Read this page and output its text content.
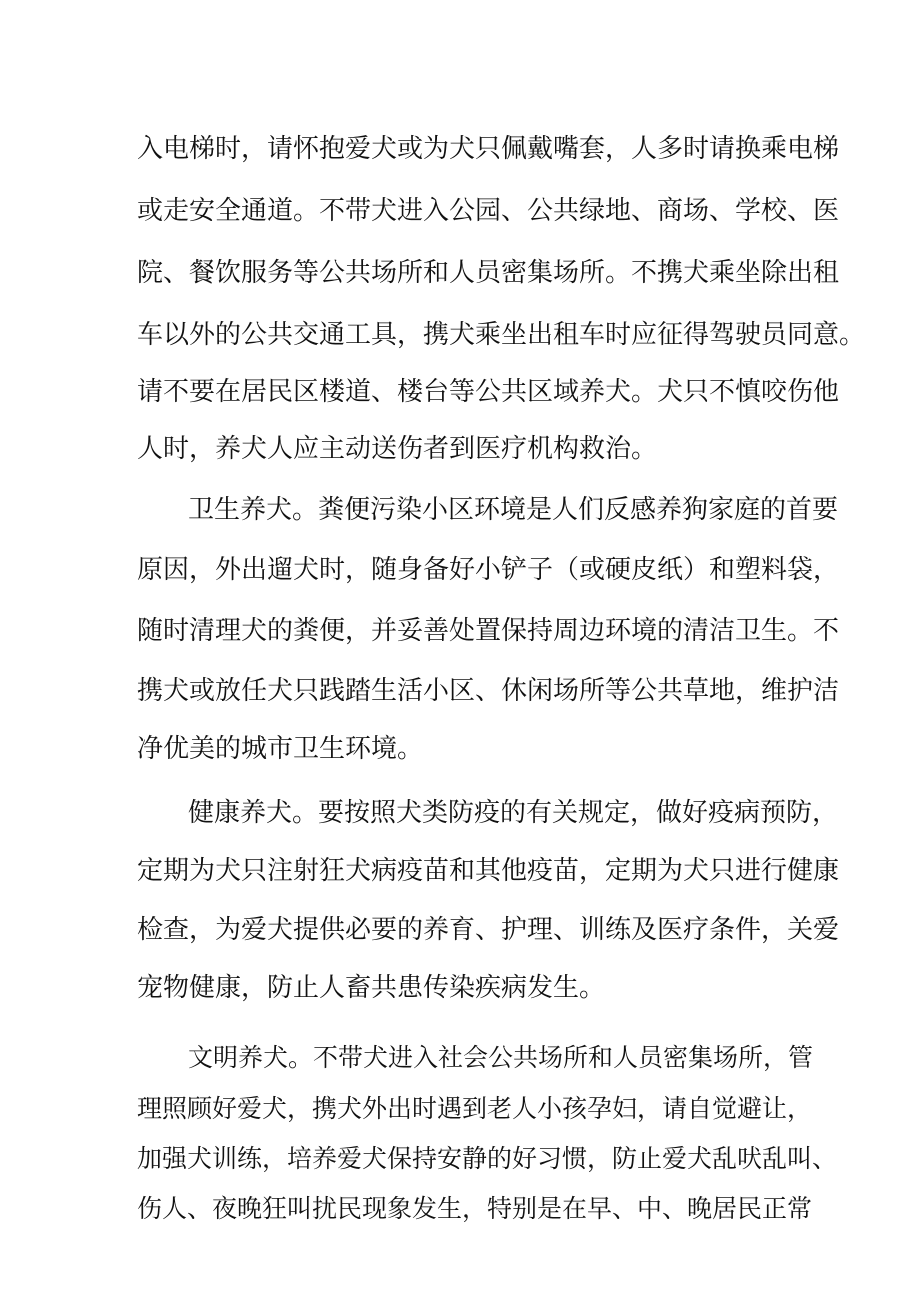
入电梯时，请怀抱爱犬或为犬只佩戴嘴套，人多时请换乘电梯

或走安全通道。不带犬进入公园、公共绿地、商场、学校、医

院、餐饮服务等公共场所和人员密集场所。不携犬乘坐除出租

车以外的公共交通工具，携犬乘坐出租车时应征得驾驶员同意。

请不要在居民区楼道、楼台等公共区域养犬。犬只不慎咬伤他

人时，养犬人应主动送伤者到医疗机构救治。

卫生养犬。粪便污染小区环境是人们反感养狗家庭的首要

原因，外出遛犬时，随身备好小铲子（或硬皮纸）和塑料袋，

随时清理犬的粪便，并妥善处置保持周边环境的清洁卫生。不

携犬或放任犬只践踏生活小区、休闲场所等公共草地，维护洁

净优美的城市卫生环境。

健康养犬。要按照犬类防疫的有关规定，做好疫病预防，

定期为犬只注射狂犬病疫苗和其他疫苗，定期为犬只进行健康

检查，为爱犬提供必要的养育、护理、训练及医疗条件，关爱

宠物健康，防止人畜共患传染疾病发生。

文明养犬。不带犬进入社会公共场所和人员密集场所，管

理照顾好爱犬，携犬外出时遇到老人小孩孕妇，请自觉避让，

加强犬训练，培养爱犬保持安静的好习惯，防止爱犬乱吠乱叫、

伤人、夜晚狂叫扰民现象发生，特别是在早、中、晚居民正常
